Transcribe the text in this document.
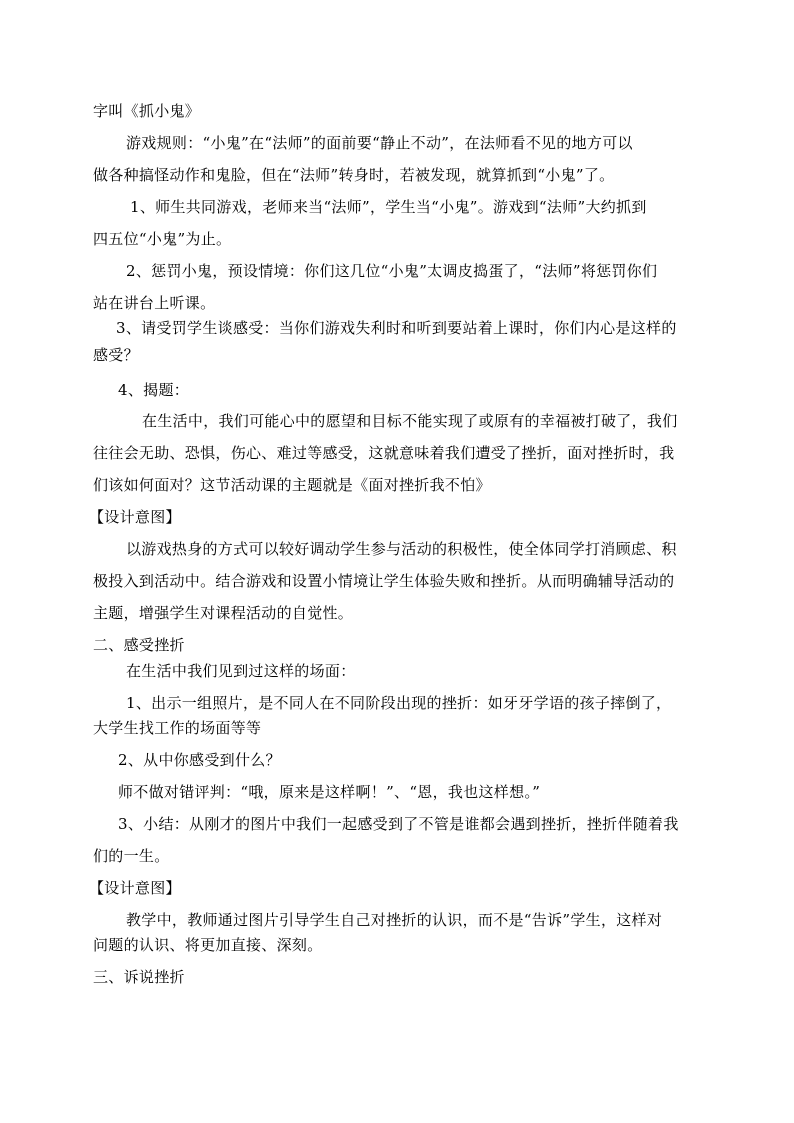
字叫《抓小鬼》
游戏规则：“小鬼”在“法师”的面前要“静止不动”，在法师看不见的地方可以
做各种搞怪动作和鬼脸，但在“法师”转身时，若被发现，就算抓到“小鬼”了。
1、师生共同游戏，老师来当“法师”，学生当“小鬼”。游戏到“法师”大约抓到
四五位“小鬼”为止。
2、惩罚小鬼，预设情境：你们这几位“小鬼”太调皮捣蛋了，“法师”将惩罚你们
站在讲台上听课。
3、请受罚学生谈感受：当你们游戏失利时和听到要站着上课时，你们内心是这样的
感受？
4、揭题：
在生活中，我们可能心中的愿望和目标不能实现了或原有的幸福被打破了，我们
往往会无助、恐惧，伤心、难过等感受，这就意味着我们遭受了挫折，面对挫折时，我
们该如何面对？这节活动课的主题就是《面对挫折我不怕》
【设计意图】
以游戏热身的方式可以较好调动学生参与活动的积极性，使全体同学打消顾虑、积
极投入到活动中。结合游戏和设置小情境让学生体验失败和挫折。从而明确辅导活动的
主题，增强学生对课程活动的自觉性。
二、感受挫折
在生活中我们见到过这样的场面：
1、出示一组照片，是不同人在不同阶段出现的挫折：如牙牙学语的孩子摔倒了，
大学生找工作的场面等等
2、从中你感受到什么？
师不做对错评判：“哦，原来是这样啊！”、“恩，我也这样想。”
3、小结：从刚才的图片中我们一起感受到了不管是谁都会遇到挫折，挫折伴随着我
们的一生。
【设计意图】
教学中，教师通过图片引导学生自己对挫折的认识，而不是“告诉”学生，这样对
问题的认识、将更加直接、深刻。
三、诉说挫折
